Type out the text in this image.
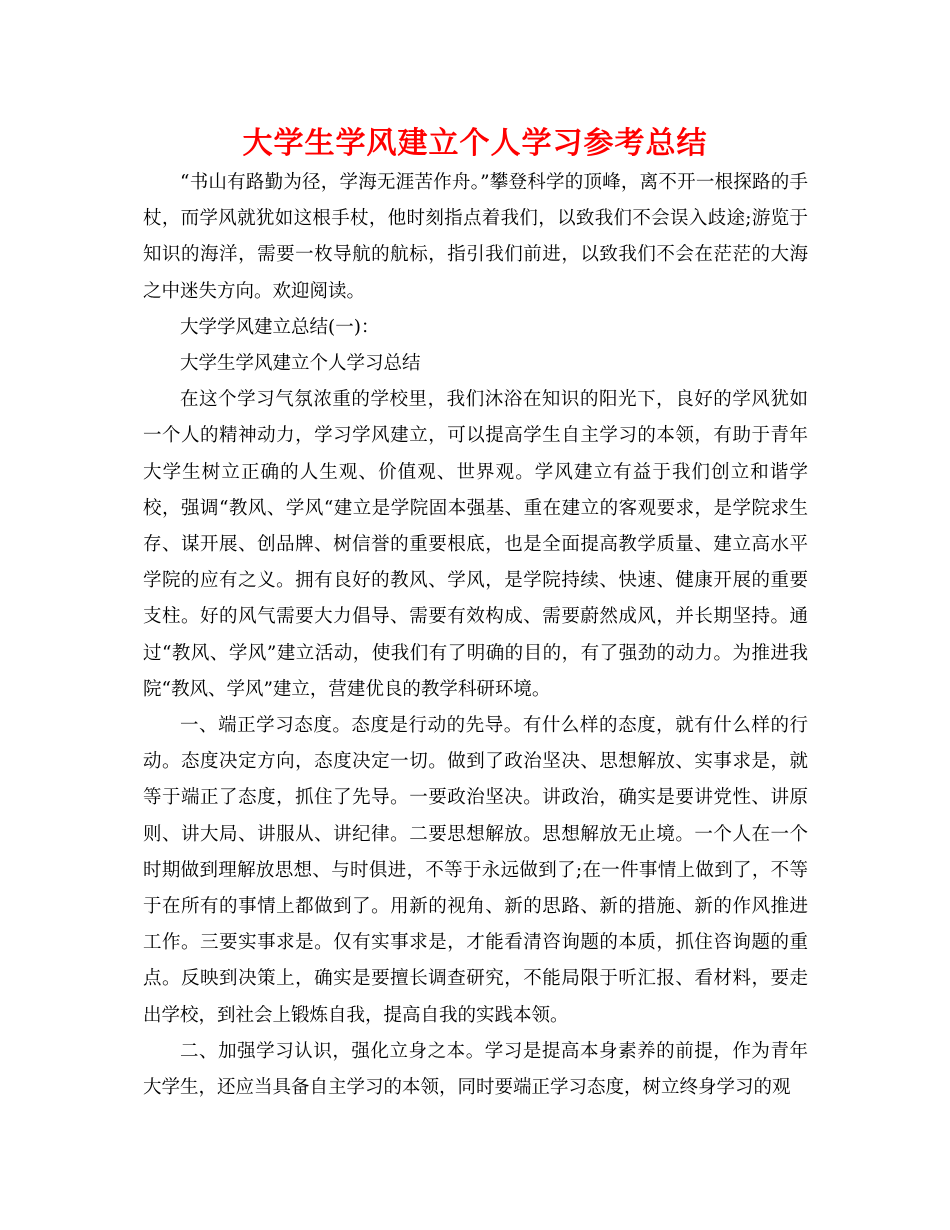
大学生学风建立个人学习参考总结

“书山有路勤为径，学海无涯苦作舟。”攀登科学的顶峰，离不开一根探路的手杖，而学风就犹如这根手杖，他时刻指点着我们，以致我们不会误入歧途;游览于知识的海洋，需要一枚导航的航标，指引我们前进，以致我们不会在茫茫的大海之中迷失方向。欢迎阅读。

大学学风建立总结(一)：

大学生学风建立个人学习总结

在这个学习气氛浓重的学校里，我们沐浴在知识的阳光下，良好的学风犹如一个人的精神动力，学习学风建立，可以提高学生自主学习的本领，有助于青年大学生树立正确的人生观、价值观、世界观。学风建立有益于我们创立和谐学校，强调“教风、学风“建立是学院固本强基、重在建立的客观要求，是学院求生存、谋开展、创品牌、树信誉的重要根底，也是全面提高教学质量、建立高水平学院的应有之义。拥有良好的教风、学风，是学院持续、快速、健康开展的重要支柱。好的风气需要大力倡导、需要有效构成、需要蔚然成风，并长期坚持。通过“教风、学风”建立活动，使我们有了明确的目的，有了强劲的动力。为推进我院“教风、学风”建立，营建优良的教学科研环境。

一、端正学习态度。态度是行动的先导。有什么样的态度，就有什么样的行动。态度决定方向，态度决定一切。做到了政治坚决、思想解放、实事求是，就等于端正了态度，抓住了先导。一要政治坚决。讲政治，确实是要讲党性、讲原则、讲大局、讲服从、讲纪律。二要思想解放。思想解放无止境。一个人在一个时期做到理解放思想、与时俱进，不等于永远做到了;在一件事情上做到了，不等于在所有的事情上都做到了。用新的视角、新的思路、新的措施、新的作风推进工作。三要实事求是。仅有实事求是，才能看清咨询题的本质，抓住咨询题的重点。反映到决策上，确实是要擅长调查研究，不能局限于听汇报、看材料，要走出学校，到社会上锻炼自我，提高自我的实践本领。

二、加强学习认识，强化立身之本。学习是提高本身素养的前提，作为青年大学生，还应当具备自主学习的本领，同时要端正学习态度，树立终身学习的观
